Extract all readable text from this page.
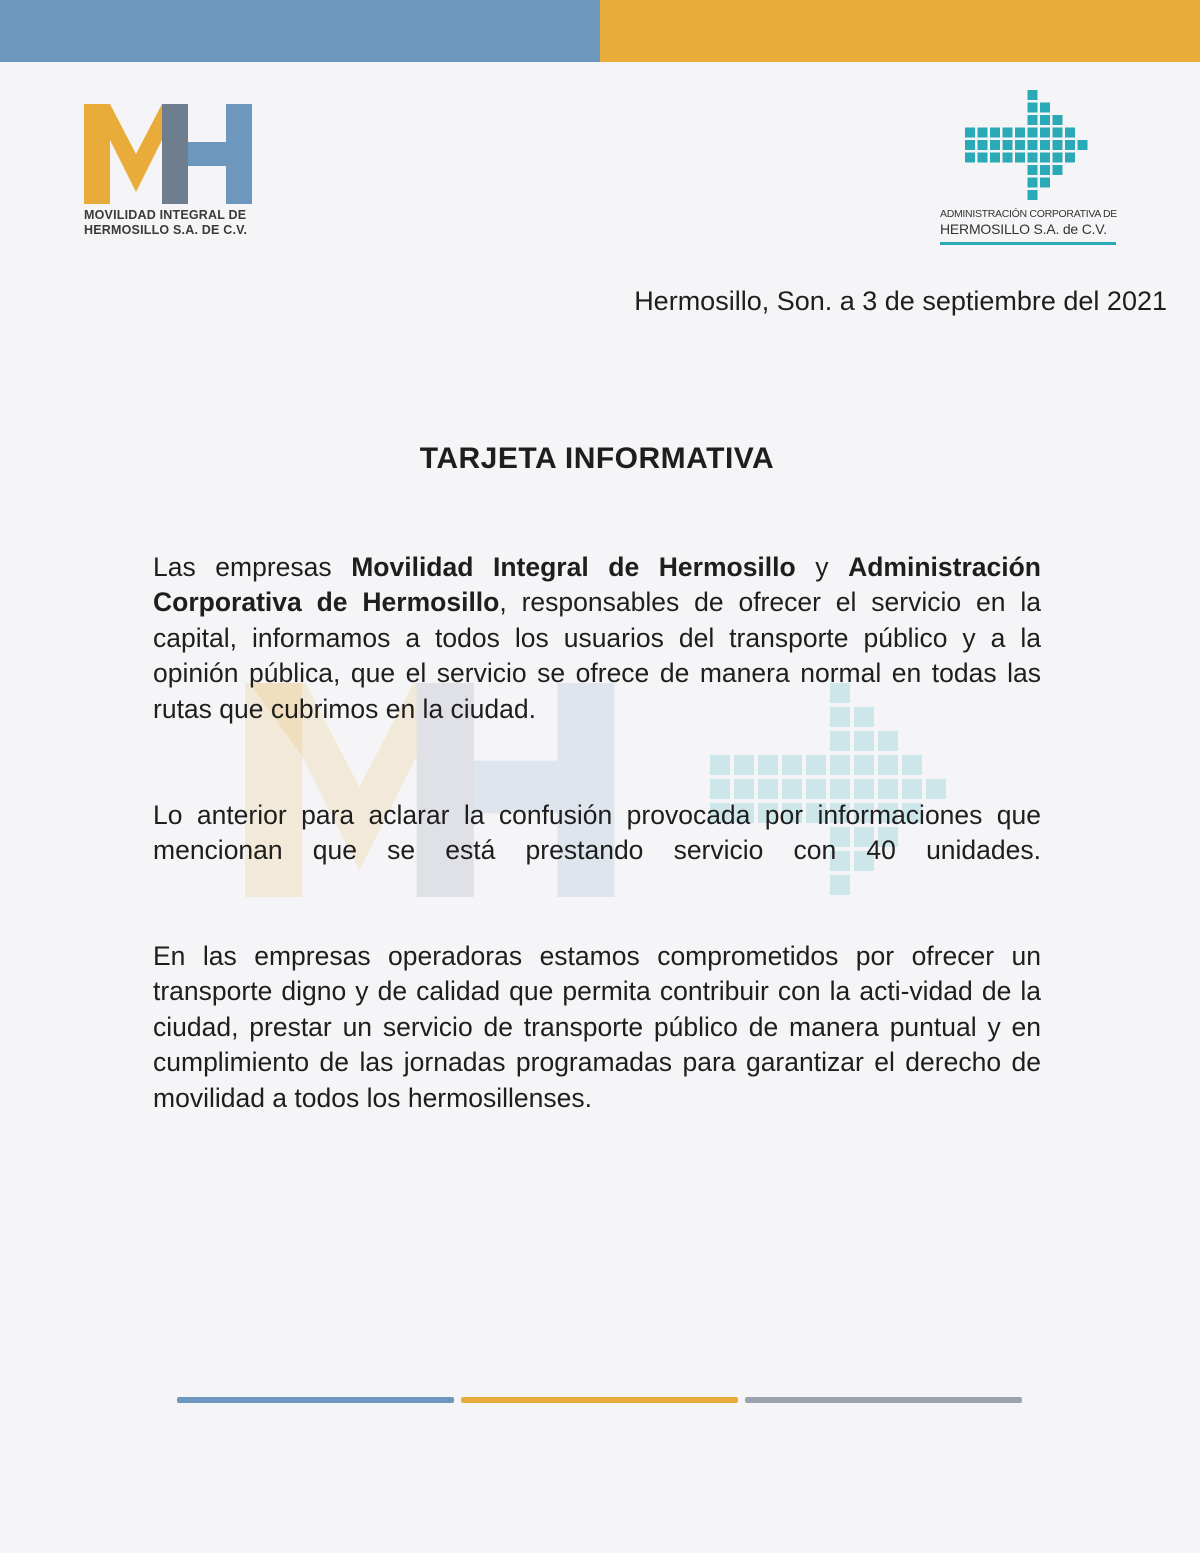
MOVILIDAD INTEGRAL DE
HERMOSILLO S.A. DE C.V.
ADMINISTRACIÓN CORPORATIVA DE
HERMOSILLO S.A. de C.V.
Hermosillo, Son. a 3 de septiembre del 2021
TARJETA INFORMATIVA
Las empresas Movilidad Integral de Hermosillo y Administración Corporativa de Hermosillo, responsables de ofrecer el servicio en la capital, informamos a todos los usuarios del transporte público y a la opinión pública, que el servicio se ofrece de manera normal en todas las rutas que cubrimos en la ciudad.
Lo anterior para aclarar la confusión provocada por informaciones que mencionan que se está prestando servicio con 40 unidades.
En las empresas operadoras estamos comprometidos por ofrecer un transporte digno y de calidad que permita contribuir con la acti-vidad de la ciudad, prestar un servicio de transporte público de manera puntual y en cumplimiento de las jornadas programadas para garantizar el derecho de movilidad a todos los hermosillenses.
